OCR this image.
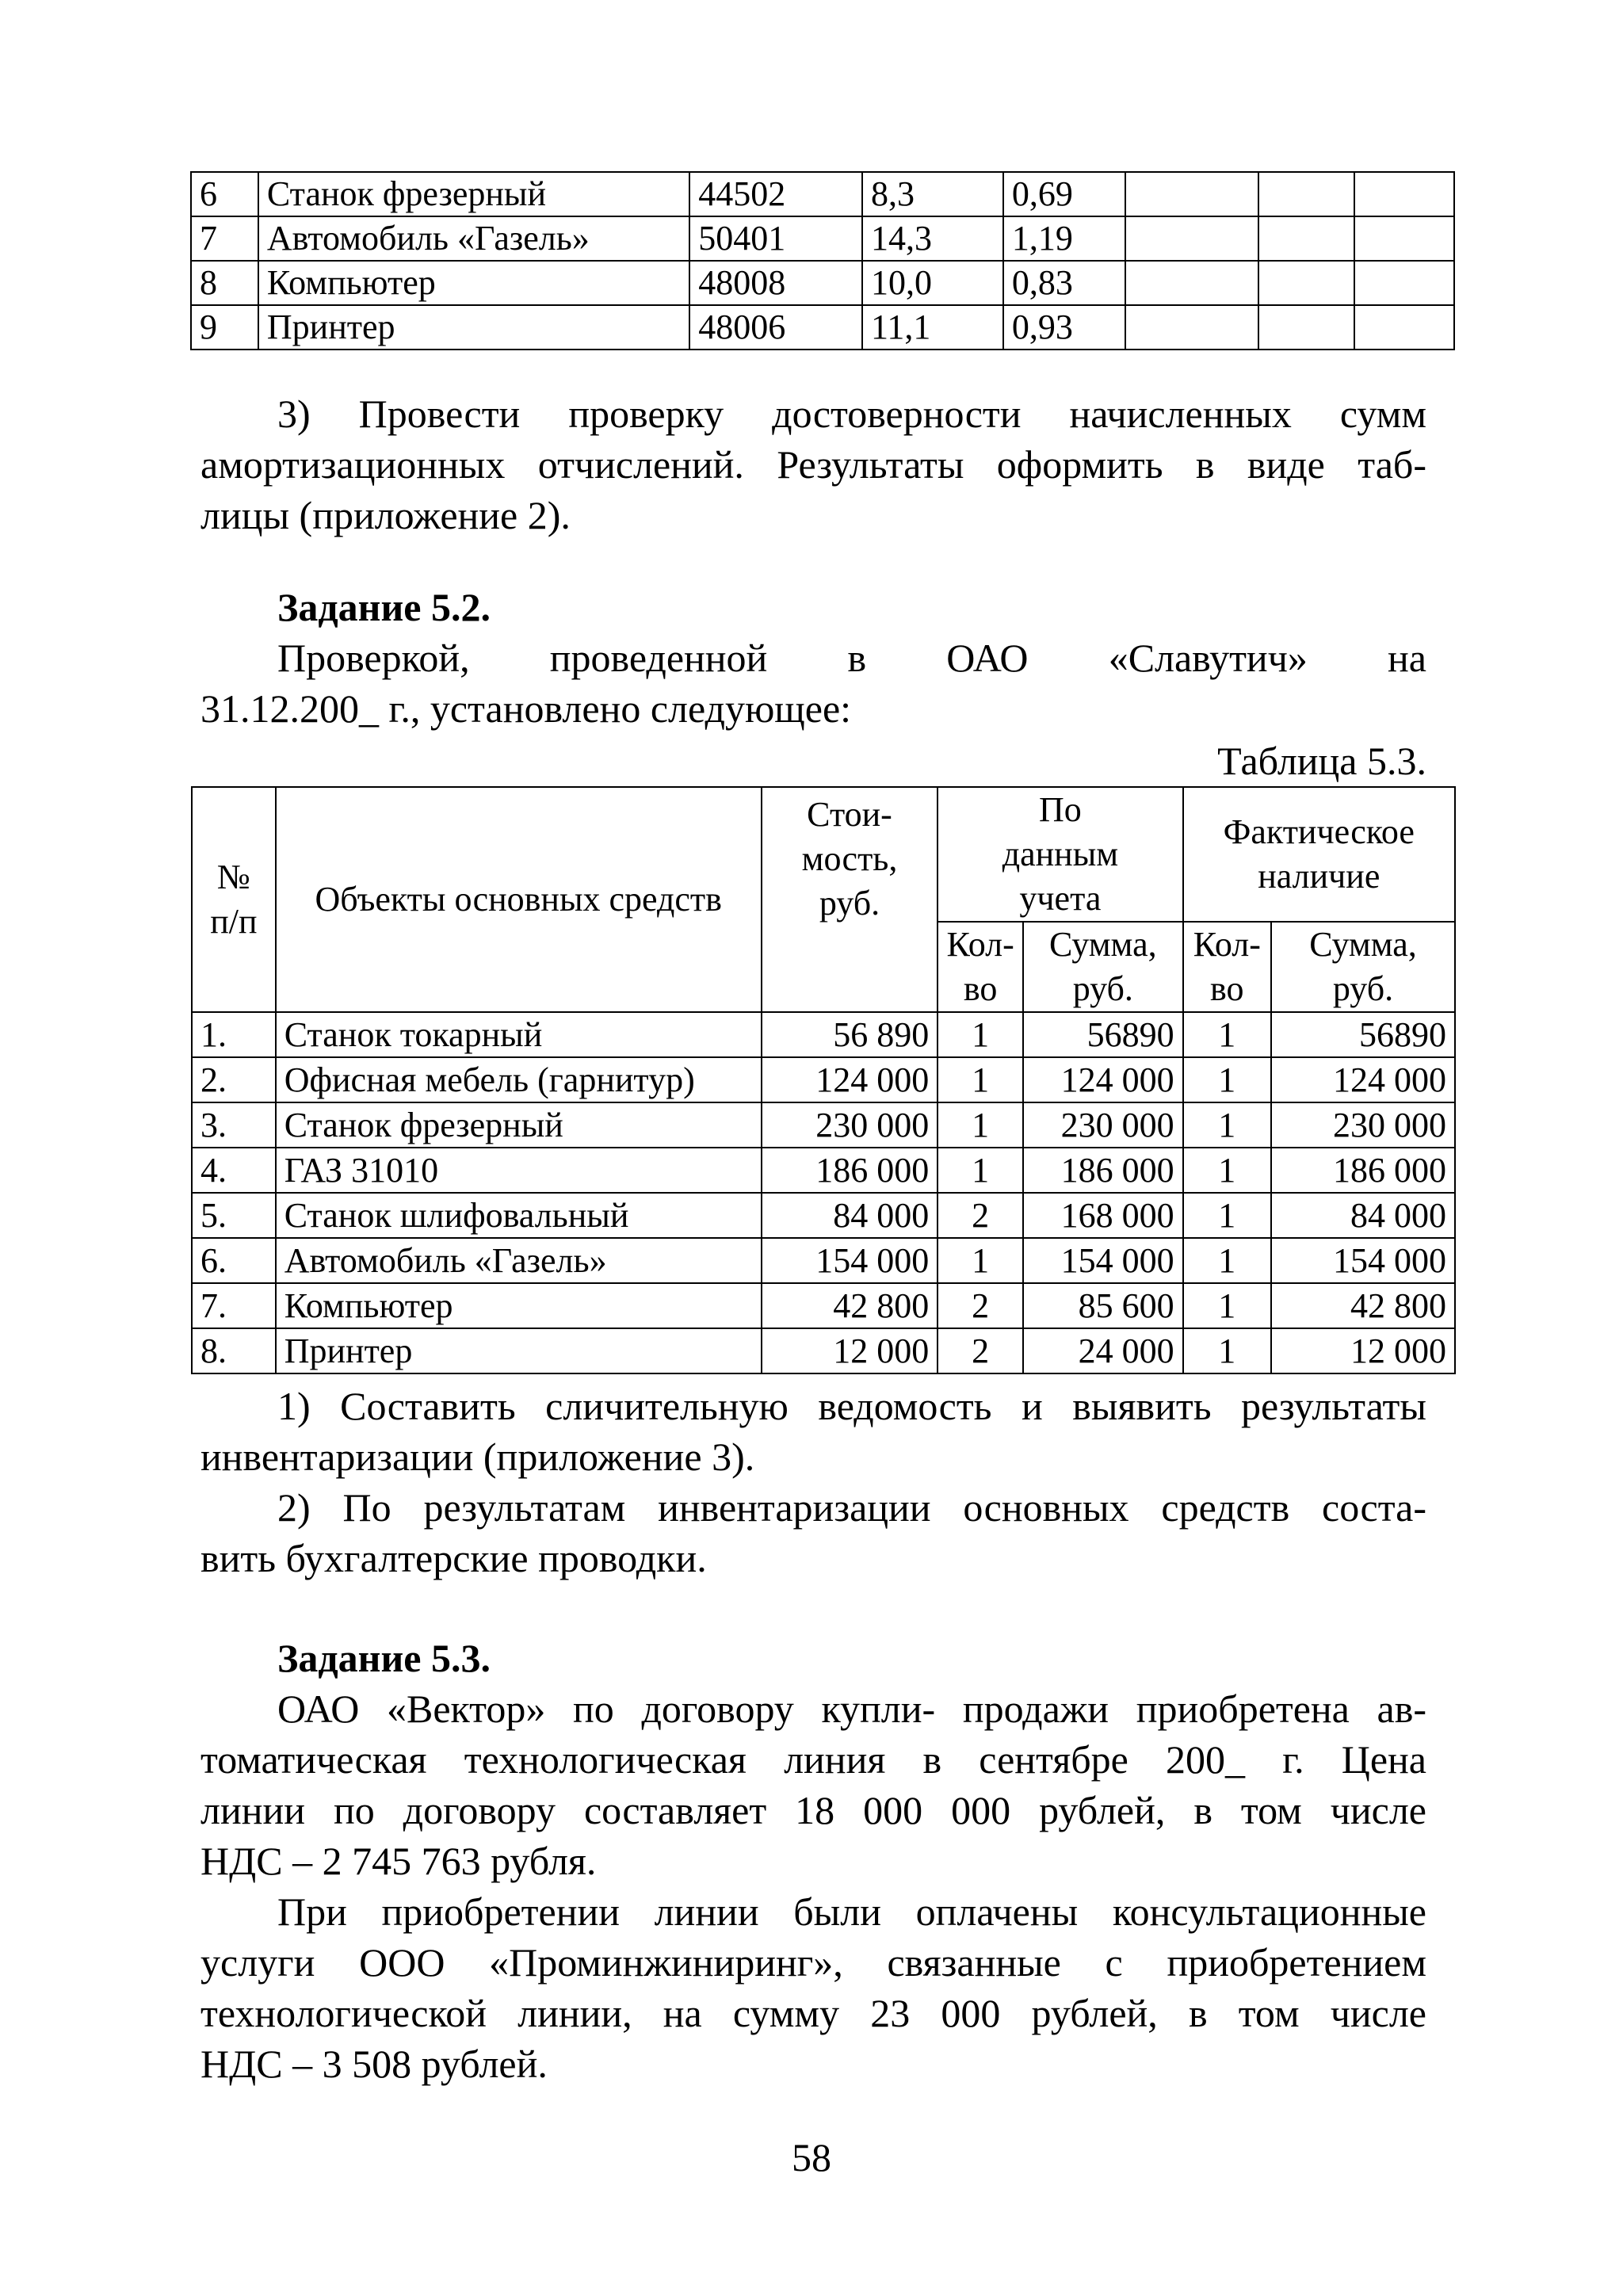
6	Станок фрезерный	44502	8,3	0,69			
7	Автомобиль «Газель»	50401	14,3	1,19			
8	Компьютер	48008	10,0	0,83			
9	Принтер	48006	11,1	0,93			

3) Провести проверку достоверности начисленных сумм

амортизационных отчислений. Результаты оформить в виде таб-

лицы (приложение 2).

Задание 5.2.

Проверкой, проведенной в ОАО «Славутич» на

31.12.200_ г., установлено следующее:

Таблица 5.3.

№ п/п	Объекты основных средств	Стои-мость, руб.	По данным учета		Фактическое наличие	
			Кол-во	Сумма, руб.	Кол-во	Сумма, руб.
1.	Станок токарный	56 890	1	56890	1	56890
2.	Офисная мебель (гарнитур)	124 000	1	124 000	1	124 000
3.	Станок фрезерный	230 000	1	230 000	1	230 000
4.	ГАЗ 31010	186 000	1	186 000	1	186 000
5.	Станок шлифовальный	84 000	2	168 000	1	84 000
6.	Автомобиль «Газель»	154 000	1	154 000	1	154 000
7.	Компьютер	42 800	2	85 600	1	42 800
8.	Принтер	12 000	2	24 000	1	12 000

1) Составить сличительную ведомость и выявить результаты

инвентаризации (приложение 3).

2) По результатам инвентаризации основных средств соста-

вить бухгалтерские проводки.

Задание 5.3.

ОАО «Вектор» по договору купли- продажи приобретена ав-

томатическая технологическая линия в сентябре 200_ г. Цена

линии по договору составляет 18 000 000 рублей, в том числе

НДС – 2 745 763 рубля.

При приобретении линии были оплачены консультационные

услуги ООО «Проминжиниринг», связанные с приобретением

технологической линии, на сумму 23 000 рублей, в том числе

НДС – 3 508 рублей.

58
